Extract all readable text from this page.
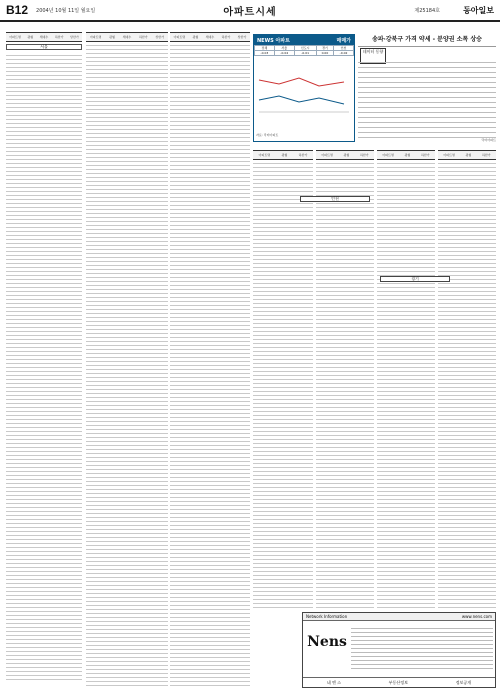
B12 2004년 10월 11일 월요일	아파트시세	제25184호	동아일보
아파트명 평형 세대수 하한가 상한가
서울
아파트명	평형	세대수	하한가	상한가	아파트명 평형 세대수 하한가 상한가
NEWS 아파트	매매가
전체	서울	신도시	경기	인천
-0.03	-0.04	-0.01	0.00	-0.02
자료: 닥터아파트
송파·강북구 가격 약세 - 분양권 소폭 상승
데이터 동향
닥터아파트
아파트명	평형	하한가	아파트명	평형	하한가	아파트명	평형	하한가	아파트명	평형	하한가
인천
경기
Network Information	www.nens.com
Nens
네 엔 스	부동산정보	정보공개
